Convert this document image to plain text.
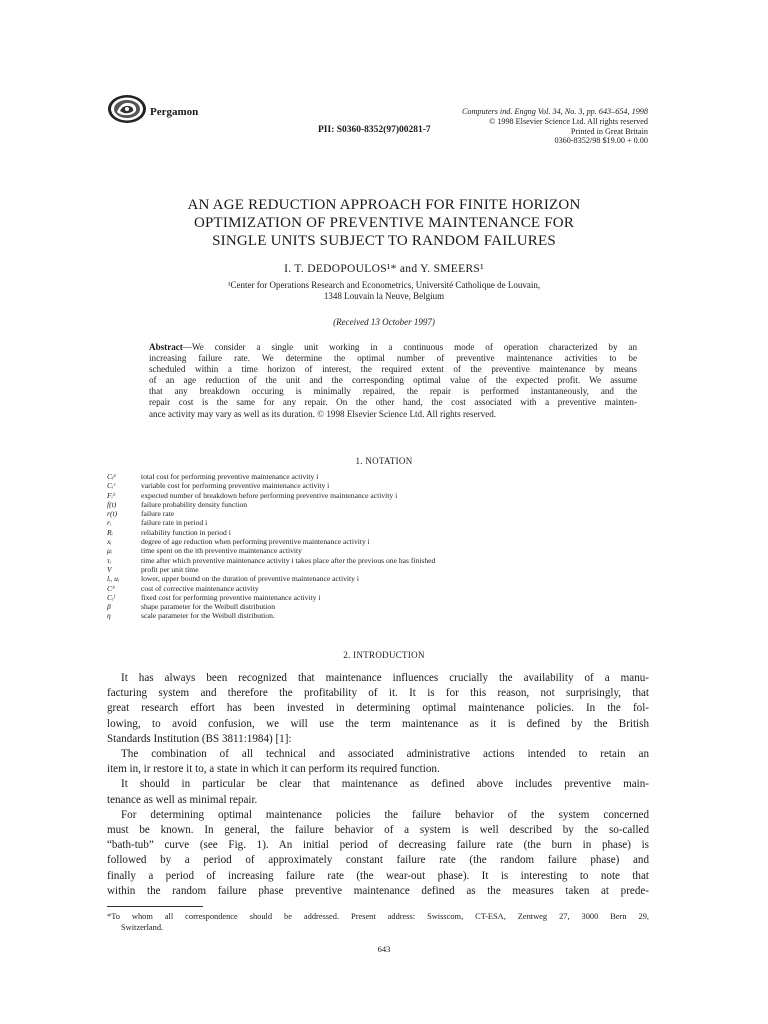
Pergamon
PII: S0360-8352(97)00281-7
Computers ind. Engng Vol. 34, No. 3, pp. 643–654, 1998
© 1998 Elsevier Science Ltd. All rights reserved
Printed in Great Britain
0360-8352/98 $19.00 + 0.00
AN AGE REDUCTION APPROACH FOR FINITE HORIZON
OPTIMIZATION OF PREVENTIVE MAINTENANCE FOR
SINGLE UNITS SUBJECT TO RANDOM FAILURES
I. T. DEDOPOULOS¹* and Y. SMEERS¹
¹Center for Operations Research and Econometrics, Université Catholique de Louvain,
1348 Louvain la Neuve, Belgium
(Received 13 October 1997)
Abstract—We consider a single unit working in a continuous mode of operation characterized by an
increasing failure rate. We determine the optimal number of preventive maintenance activities to be
scheduled within a time horizon of interest, the required extent of the preventive maintenance by means
of an age reduction of the unit and the corresponding optimal value of the expected profit. We assume
that any breakdown occuring is minimally repaired, the repair is performed instantaneously, and the
repair cost is the same for any repair. On the other hand, the cost associated with a preventive mainten-
ance activity may vary as well as its duration. © 1998 Elsevier Science Ltd. All rights reserved.
1. NOTATION
Cᵢᵖ	total cost for performing preventive maintenance activity i
Cᵢᵛ	variable cost for performing preventive maintenance activity i
Fᵢᵇ	expected number of breakdown before performing preventive maintenance activity i
f(t)	failure probability density function
r(t)	failure rate
rᵢ	failure rate in period i
Rᵢ	reliability function in period i
xᵢ	degree of age reduction when performing preventive maintenance activity i
μᵢ	time spent on the ith preventive maintenance activity
τᵢ	time after which preventive maintenance activity i takes place after the previous one has finished
V	profit per unit time
lᵢ, uᵢ	lower, upper bound on the duration of preventive maintenance activity i
Cᵇ	cost of corrective maintenance activity
Cᵢᶠ	fixed cost for performing preventive maintenance activity i
β	shape parameter for the Weibull distribution
η	scale parameter for the Weibull distribution.
2. INTRODUCTION
It has always been recognized that maintenance influences crucially the availability of a manu-
facturing system and therefore the profitability of it. It is for this reason, not surprisingly, that
great research effort has been invested in determining optimal maintenance policies. In the fol-
lowing, to avoid confusion, we will use the term maintenance as it is defined by the British
Standards Institution (BS 3811:1984) [1]:
The combination of all technical and associated administrative actions intended to retain an
item in, ir restore it to, a state in which it can perform its required function.
It should in particular be clear that maintenance as defined above includes preventive main-
tenance as well as minimal repair.
For determining optimal maintenance policies the failure behavior of the system concerned
must be known. In general, the failure behavior of a system is well described by the so-called
“bath-tub” curve (see Fig. 1). An initial period of decreasing failure rate (the burn in phase) is
followed by a period of approximately constant failure rate (the random failure phase) and
finally a period of increasing failure rate (the wear-out phase). It is interesting to note that
within the random failure phase preventive maintenance defined as the measures taken at prede-
*To whom all correspondence should be addressed. Present address: Swisscom, CT-ESA, Zentweg 27, 3000 Bern 29,
Switzerland.
643
